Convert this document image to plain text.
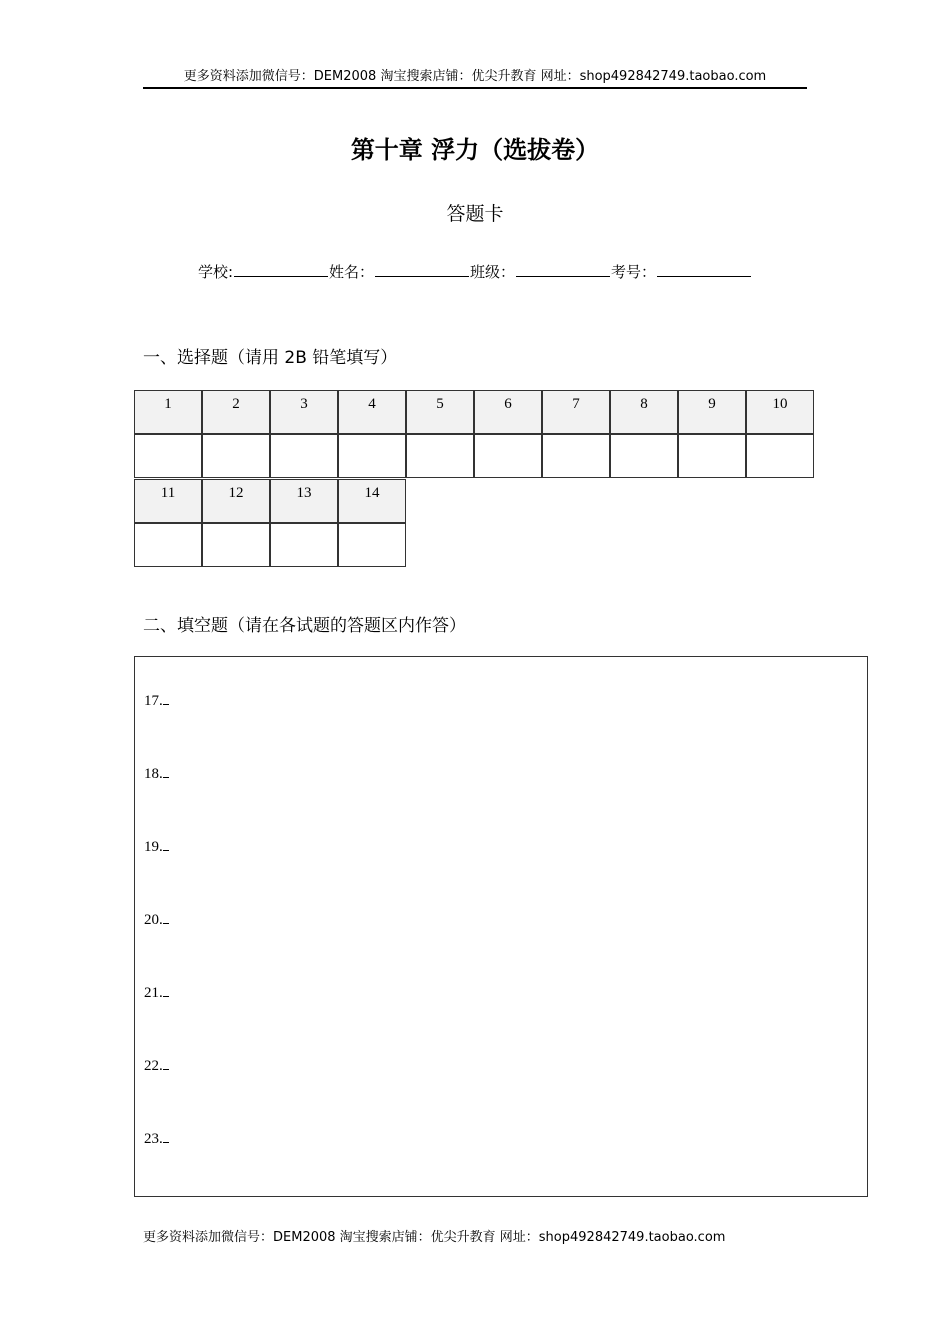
更多资料添加微信号：DEM2008 淘宝搜索店铺：优尖升教育 网址：shop492842749.taobao.com
第十章 浮力（选拔卷）
答题卡
学校:	姓名：	班级：	考号：
一、选择题（请用 2B 铅笔填写）
1	2	3	4	5	6	7	8	9	10
11	12	13	14
二、填空题（请在各试题的答题区内作答）
17.
18.
19.
20.
21.
22.
23.
更多资料添加微信号：DEM2008 淘宝搜索店铺：优尖升教育 网址：shop492842749.taobao.com
